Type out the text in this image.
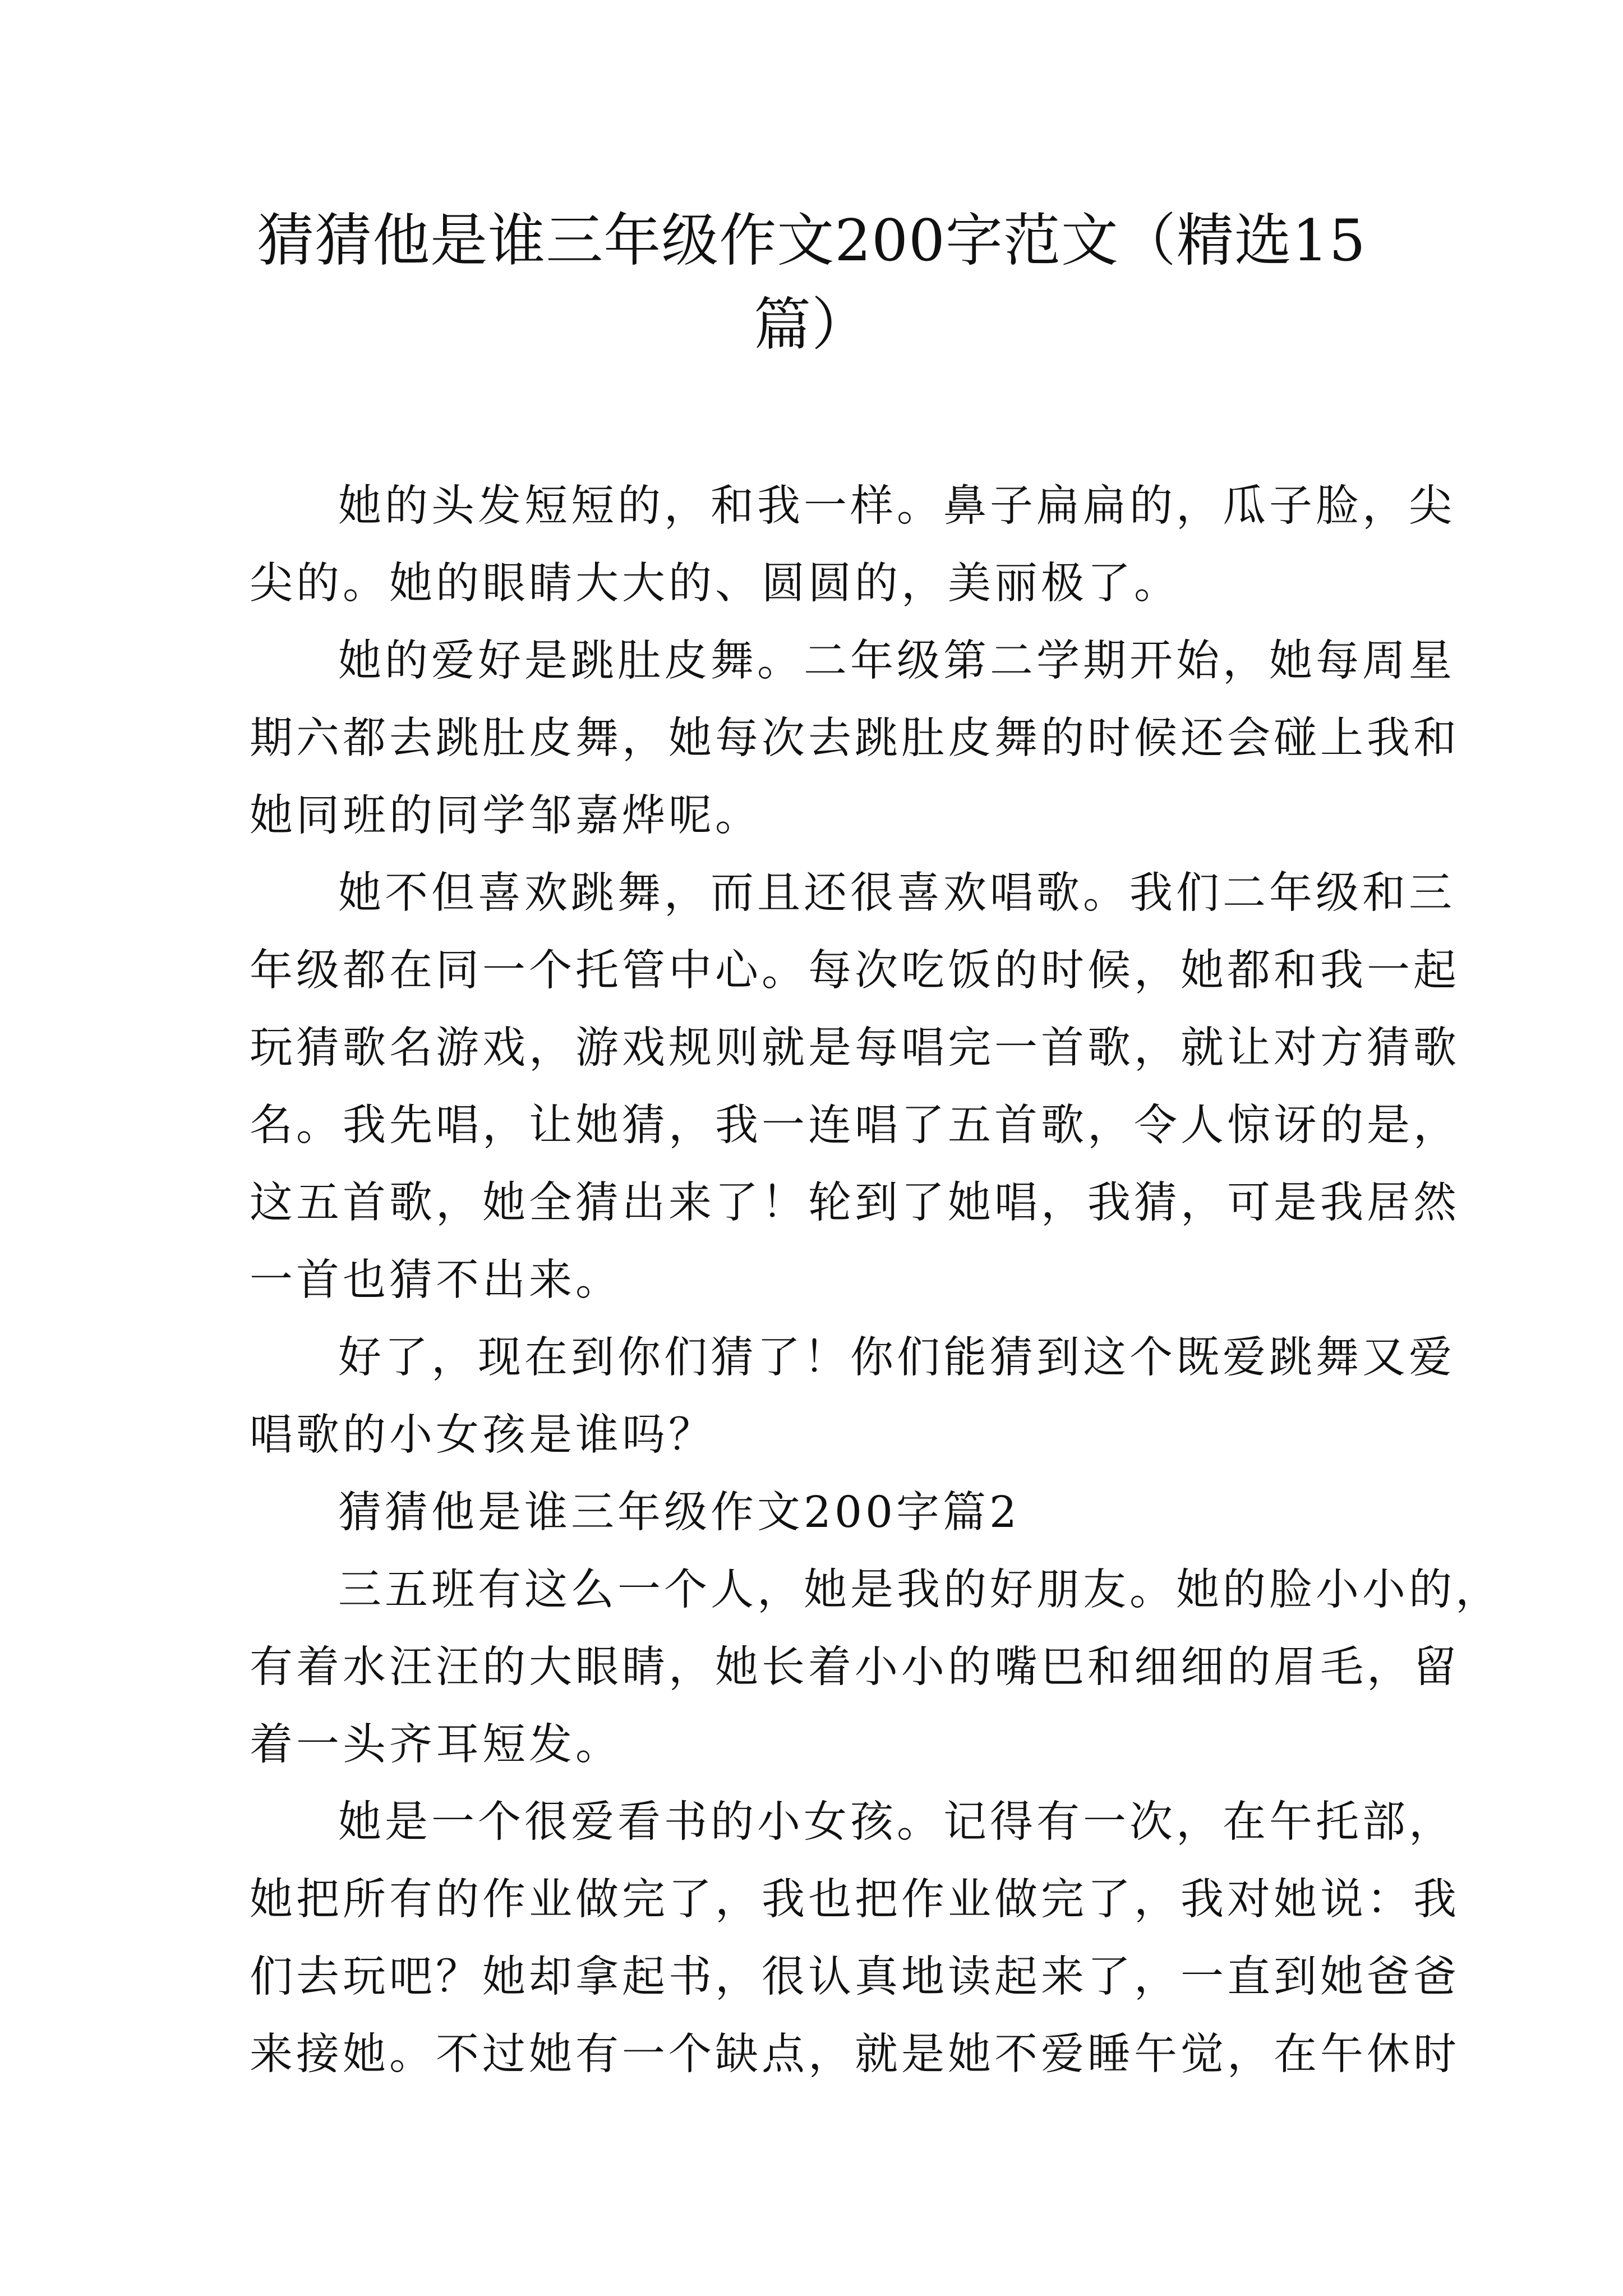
猜猜他是谁三年级作文200字范文（精选15
篇）

她的头发短短的，和我一样。鼻子扁扁的，瓜子脸，尖
尖的。她的眼睛大大的、圆圆的，美丽极了。

她的爱好是跳肚皮舞。二年级第二学期开始，她每周星
期六都去跳肚皮舞，她每次去跳肚皮舞的时候还会碰上我和
她同班的同学邹嘉烨呢。

她不但喜欢跳舞，而且还很喜欢唱歌。我们二年级和三
年级都在同一个托管中心。每次吃饭的时候，她都和我一起
玩猜歌名游戏，游戏规则就是每唱完一首歌，就让对方猜歌
名。我先唱，让她猜，我一连唱了五首歌，令人惊讶的是，
这五首歌，她全猜出来了！轮到了她唱，我猜，可是我居然
一首也猜不出来。

好了，现在到你们猜了！你们能猜到这个既爱跳舞又爱
唱歌的小女孩是谁吗？

猜猜他是谁三年级作文200字篇2

三五班有这么一个人，她是我的好朋友。她的脸小小的，
有着水汪汪的大眼睛，她长着小小的嘴巴和细细的眉毛，留
着一头齐耳短发。

她是一个很爱看书的小女孩。记得有一次，在午托部，
她把所有的作业做完了，我也把作业做完了，我对她说：我
们去玩吧？她却拿起书，很认真地读起来了，一直到她爸爸
来接她。不过她有一个缺点，就是她不爱睡午觉，在午休时
